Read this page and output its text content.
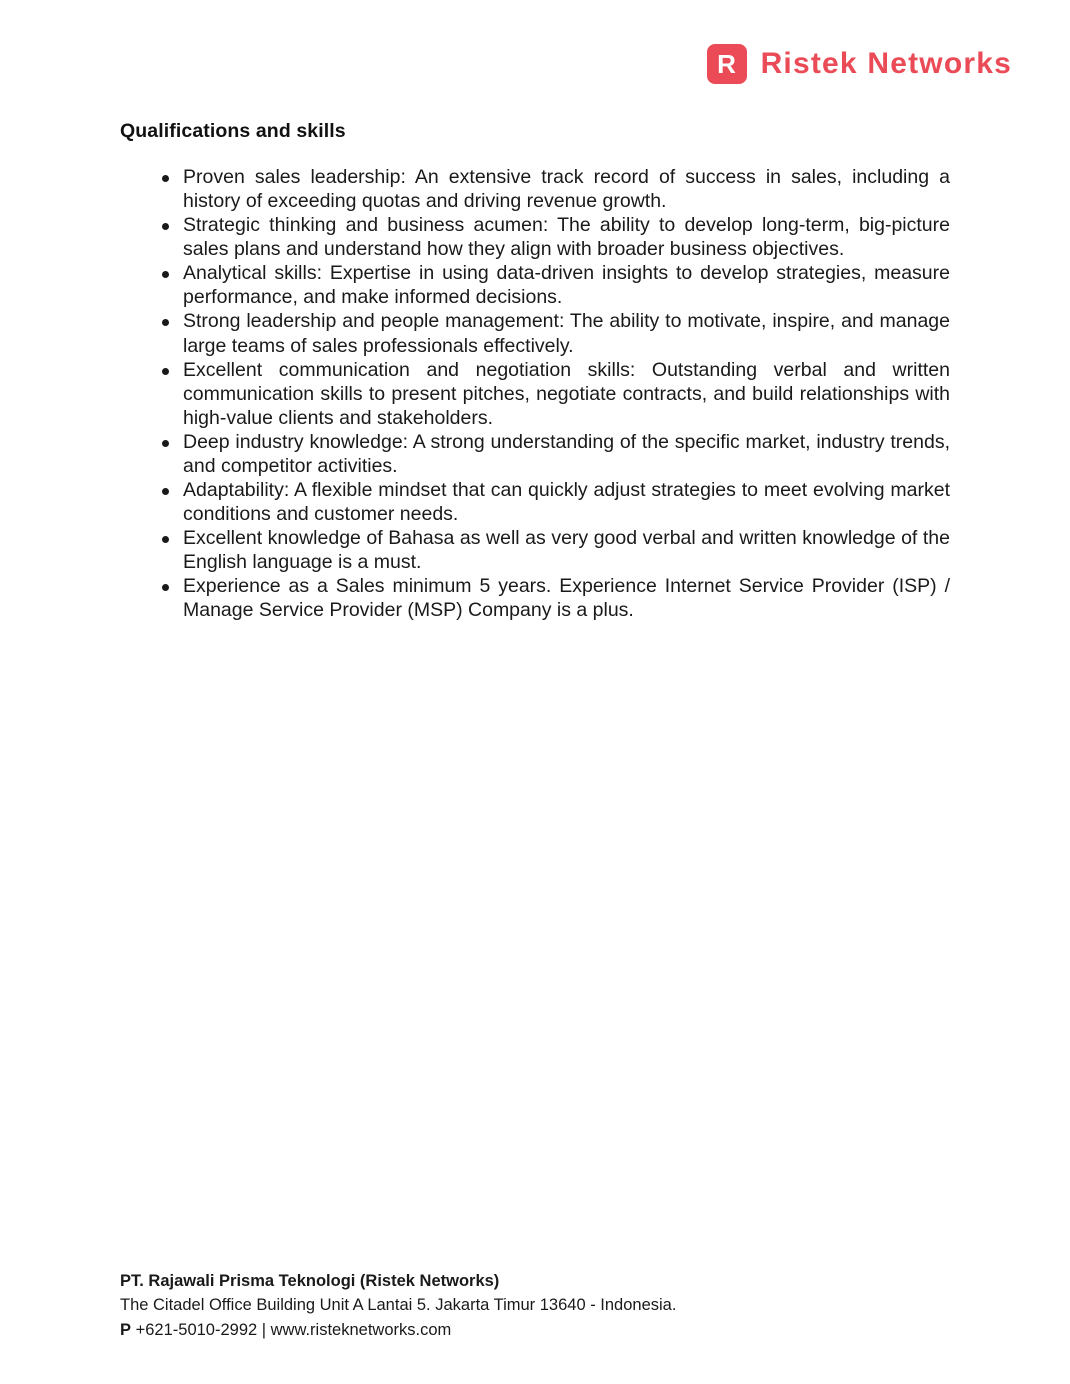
R Ristek Networks
Qualifications and skills
Proven sales leadership: An extensive track record of success in sales, including a history of exceeding quotas and driving revenue growth.
Strategic thinking and business acumen: The ability to develop long-term, big-picture sales plans and understand how they align with broader business objectives.
Analytical skills: Expertise in using data-driven insights to develop strategies, measure performance, and make informed decisions.
Strong leadership and people management: The ability to motivate, inspire, and manage large teams of sales professionals effectively.
Excellent communication and negotiation skills: Outstanding verbal and written communication skills to present pitches, negotiate contracts, and build relationships with high-value clients and stakeholders.
Deep industry knowledge: A strong understanding of the specific market, industry trends, and competitor activities.
Adaptability: A flexible mindset that can quickly adjust strategies to meet evolving market conditions and customer needs.
Excellent knowledge of Bahasa as well as very good verbal and written knowledge of the English language is a must.
Experience as a Sales minimum 5 years. Experience Internet Service Provider (ISP) / Manage Service Provider (MSP) Company is a plus.
PT. Rajawali Prisma Teknologi (Ristek Networks)
The Citadel Office Building Unit A Lantai 5. Jakarta Timur 13640 - Indonesia.
P +621-5010-2992 | www.risteknetworks.com
